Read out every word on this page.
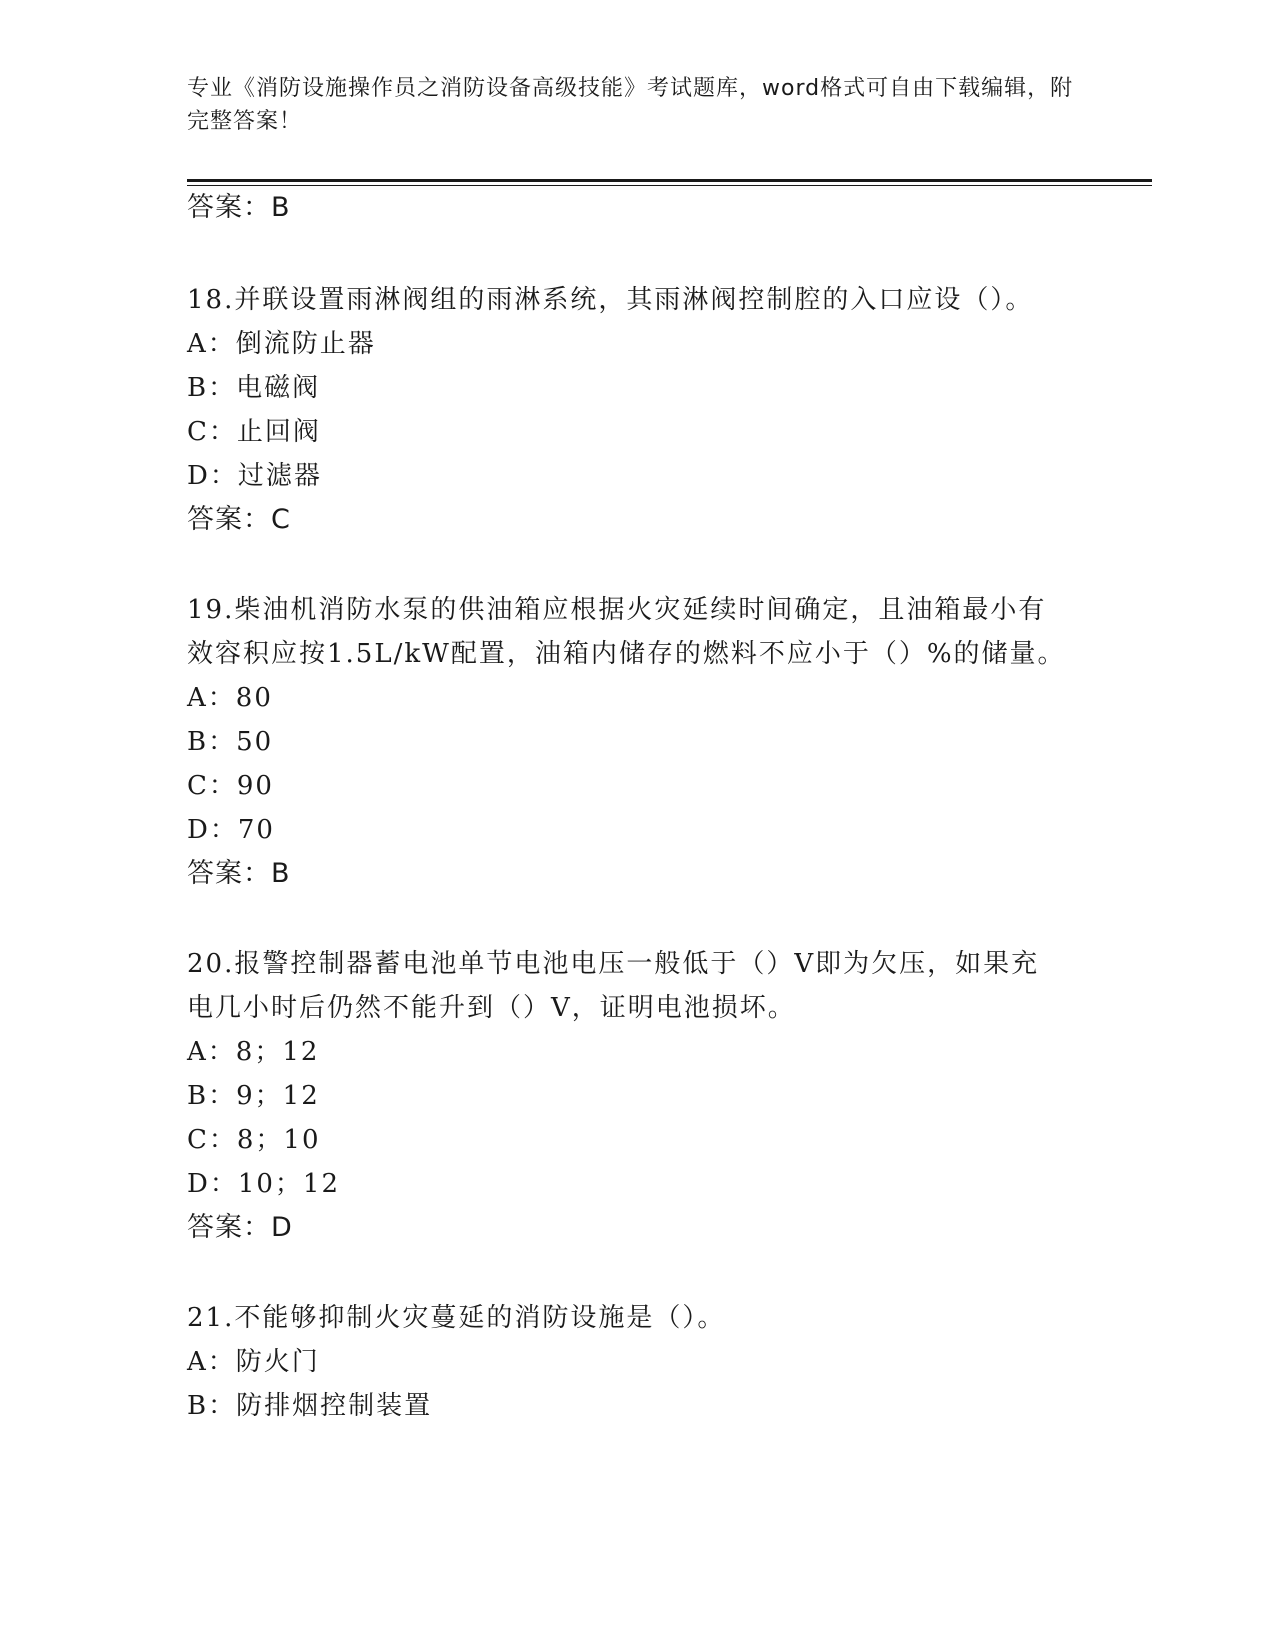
专业《消防设施操作员之消防设备高级技能》考试题库，word格式可自由下载编辑，附完整答案！
答案：B
18.并联设置雨淋阀组的雨淋系统，其雨淋阀控制腔的入口应设（）。
A：倒流防止器
B：电磁阀
C：止回阀
D：过滤器
答案：C
19.柴油机消防水泵的供油箱应根据火灾延续时间确定，且油箱最小有
效容积应按1.5L/kW配置，油箱内储存的燃料不应小于（）%的储量。
A：80
B：50
C：90
D：70
答案：B
20.报警控制器蓄电池单节电池电压一般低于（）V即为欠压，如果充
电几小时后仍然不能升到（）V，证明电池损坏。
A：8；12
B：9；12
C：8；10
D：10；12
答案：D
21.不能够抑制火灾蔓延的消防设施是（）。
A：防火门
B：防排烟控制装置
